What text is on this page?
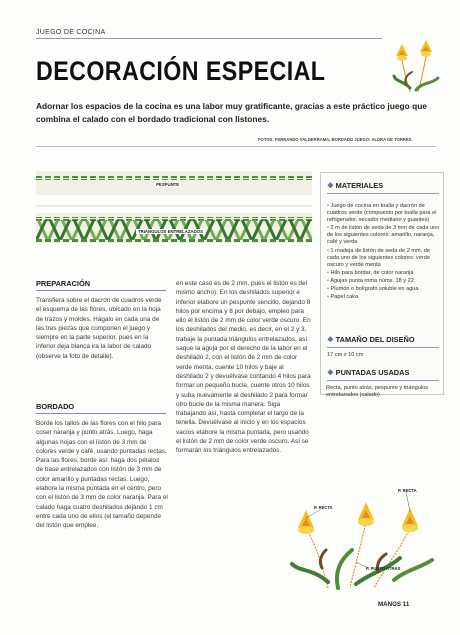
JUEGO DE COCINA
DECORACIÓN ESPECIAL
Adornar los espacios de la cocina es una labor muy gratificante, gracias a este práctico juego que combina el calado con el bordado tradicional con listones.
FOTOS: FERNANDO VALDERRAMA, BORDADO JUEGO: ALDRA DE TORRES.
PESPUNTE
TRIÁNGULOS ENTRELAZADOS
PREPARACIÓN
Transfiera sobre el dacrón de cuadros verde el esquema de las flores, ubicado en la hoja de trazos y moldes. Hágalo en cada una de las tres piezas que componen el juego y siempre en la parte superior, pues en la inferior deja blanca ira la labor de calado (observe la foto de detalle).
BORDADO
Borde los tallos de las flores con el hilo para coser naranja y punto atrás. Luego, haga algunas hojas con el listón de 3 mm de colores verde y café, usando puntadas rectas. Para las flores, borde así: haga dos pétalos de base entrelazados con listón de 3 mm de color amarillo y puntadas rectas. Luego, elabore la misma puntada en el centro, pero con el listón de 3 mm de color naranja. Para el calado haga cuatro deshilados dejando 1 cm entre cada uno de ellos (el tamaño depende del listón que emplee,
en este caso es de 2 mm, pues el listón es del mismo ancho). En los deshilados superior e inferior elabore un pespunte sencillo, dejando 8 hilos por encima y 8 por debajo, empleo para ello el listón de 2 mm de color verde oscuro. En los deshilados del medio, es decir, en el 2 y 3, trabaje la puntada triángulos entrelazados, así: saque la aguja por el derecho de la labor en el deshilado 2, con el listón de 2 mm de color verde menta, cuente 10 hilos y baje al deshilado 2 y devuélvase contando 4 hilos para formar un pequeño bucle, cuente otros 10 hilos y suba nuevamente al deshilado 2 para formar otro bucle de la misma manera. Siga trabajando así, hasta completar el largo de la tenella. Devuélvase al inicio y en los espacios vacíos elabore la misma puntada, pero usando el listón de 2 mm de color verde oscuro. Así se formarán los triángulos entrelazados.
❖ MATERIALES
• Juego de cocina en toalla y dacrón de cuadros verde (compuesto por toalla para el refrigerador, secador mediano y guantes)
• 2 m de listón de seda de 3 mm de cada uno de los siguientes colores: amarillo, naranja, café y verde
• 1 madeja de listón de seda de 2 mm, de cada uno de los siguientes colores: verde oscuro y verde menta
• Hilo para bordar, de color naranja
• Agujas punta roma núms. 18 y 22
• Plumón o bolígrafo soluble en agua
• Papel caka
❖ TAMAÑO DEL DISEÑO
17 cm x 10 cm
❖ PUNTADAS USADAS
Recta, punto atrás, pespunte y triángulos entrelazados (calado)
P. RECTA
P. RECTA
P. PUNTO ATRÁS
MANOS 11
